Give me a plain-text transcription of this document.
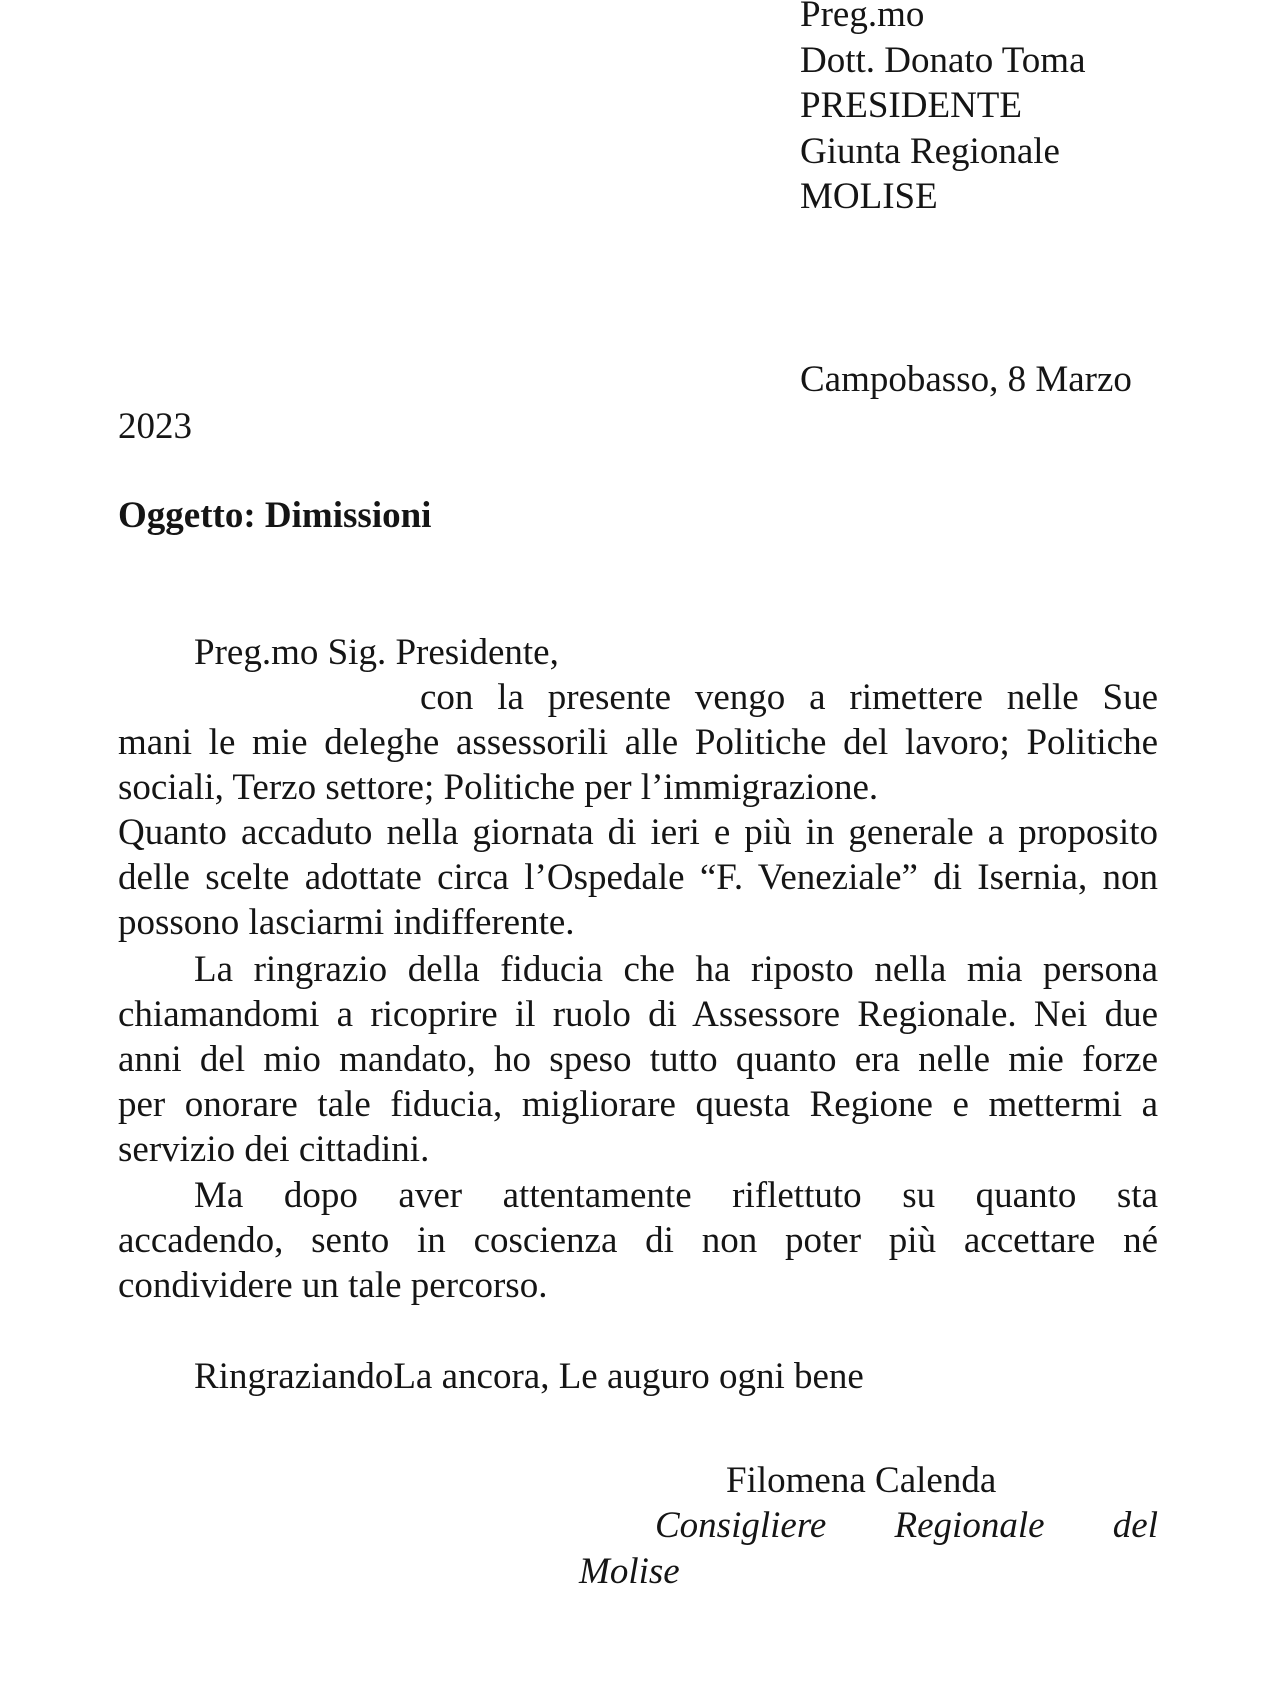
Preg.mo
Dott. Donato Toma
PRESIDENTE
Giunta Regionale
MOLISE

Campobasso, 8 Marzo

2023

Oggetto: Dimissioni

Preg.mo Sig. Presidente,

con la presente vengo a rimettere nelle Sue
mani le mie deleghe assessorili alle Politiche del lavoro; Politiche
sociali, Terzo settore; Politiche per l’immigrazione.
Quanto accaduto nella giornata di ieri e più in generale a proposito
delle scelte adottate circa l’Ospedale “F. Veneziale” di Isernia, non
possono lasciarmi indifferente.
La ringrazio della fiducia che ha riposto nella mia persona
chiamandomi a ricoprire il ruolo di Assessore Regionale. Nei due
anni del mio mandato, ho speso tutto quanto era nelle mie forze
per onorare tale fiducia, migliorare questa Regione e mettermi a
servizio dei cittadini.
Ma dopo aver attentamente riflettuto su quanto sta
accadendo, sento in coscienza di non poter più accettare né
condividere un tale percorso.

RingraziandoLa ancora, Le auguro ogni bene

Filomena Calenda

Consigliere Regionale del

Molise
